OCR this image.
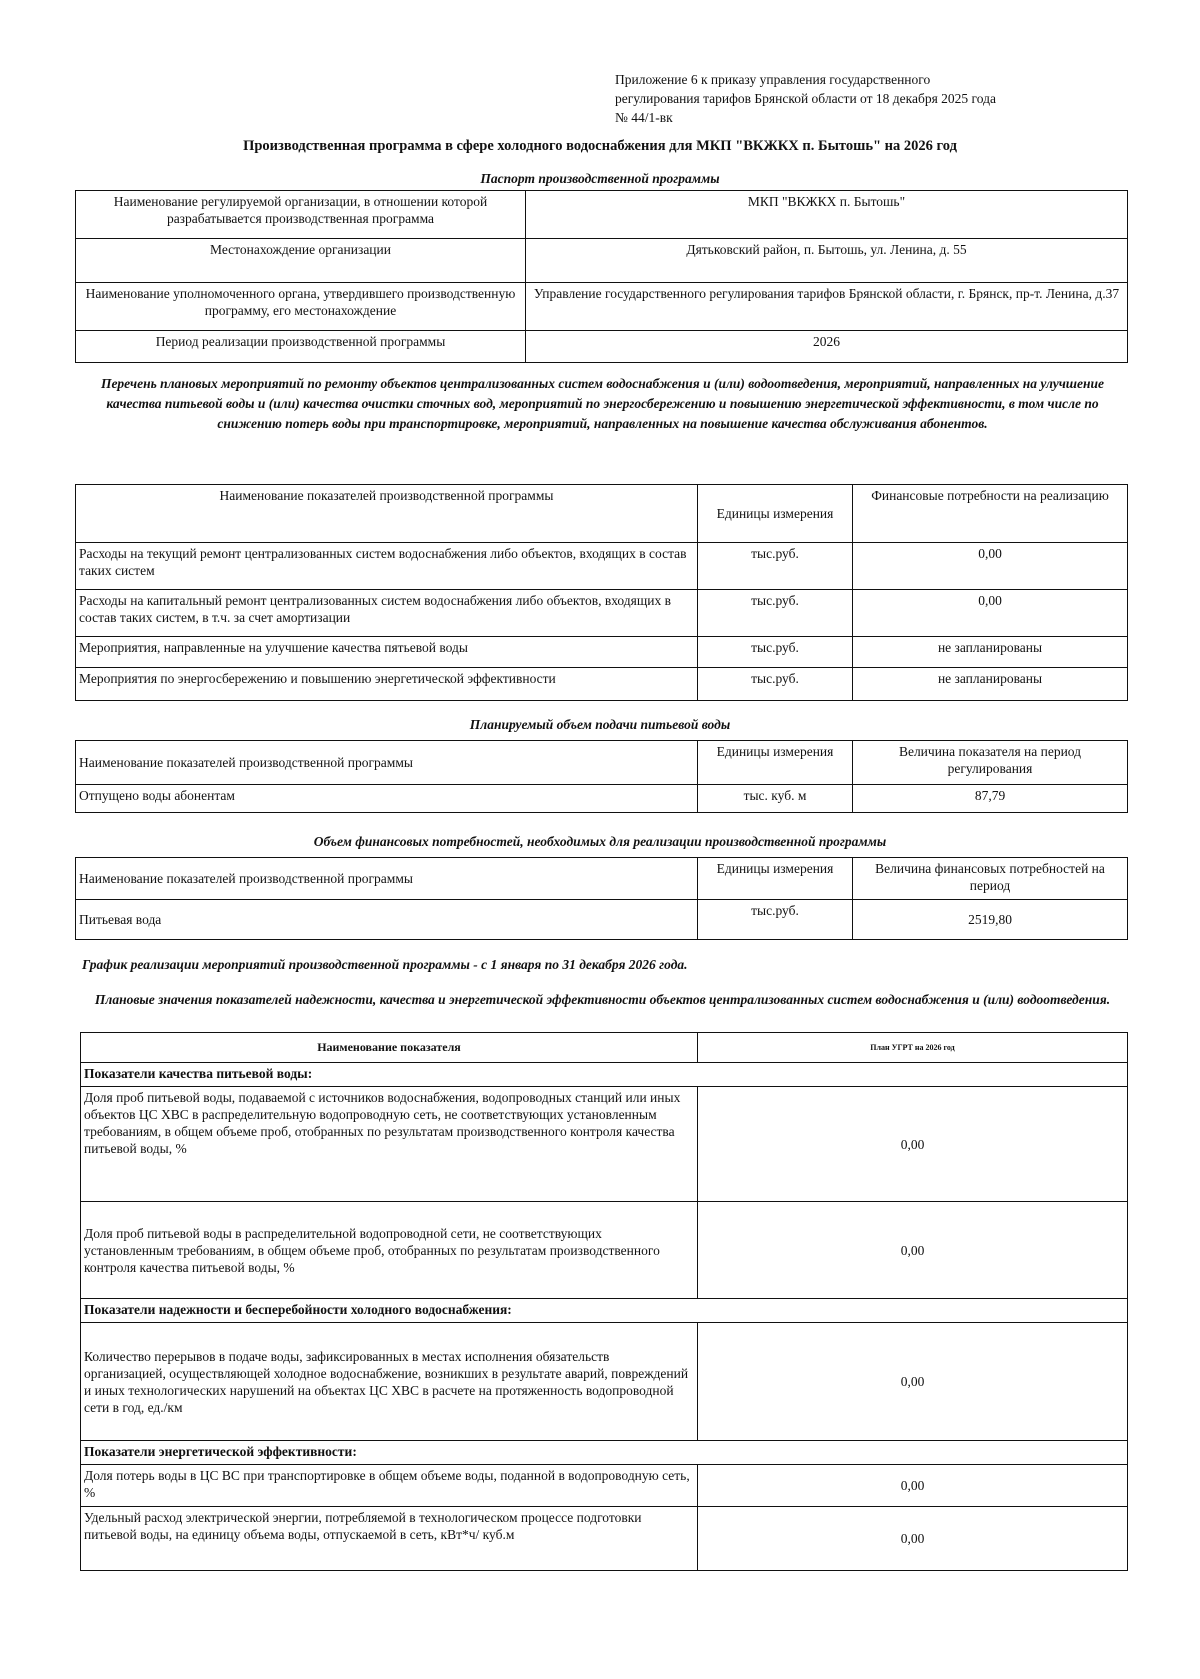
Приложение 6 к приказу управления государственного
регулирования тарифов Брянской области от 18 декабря 2025 года
№ 44/1-вк
Производственная программа в сфере холодного водоснабжения для МКП "ВКЖКХ п. Бытошь" на 2026 год
Паспорт производственной программы
Наименование регулируемой организации, в отношении которой разрабатывается производственная программа	МКП "ВКЖКХ п. Бытошь"
Местонахождение организации	Дятьковский район, п. Бытошь, ул. Ленина, д. 55
Наименование уполномоченного органа, утвердившего производственную программу, его местонахождение	Управление государственного регулирования тарифов Брянской области, г. Брянск, пр-т. Ленина, д.37
Период реализации производственной программы	2026
Перечень плановых мероприятий по ремонту объектов централизованных систем водоснабжения и (или) водоотведения, мероприятий, направленных на улучшение качества питьевой воды и (или) качества очистки сточных вод, мероприятий по энергосбережению и повышению энергетической эффективности, в том числе по снижению потерь воды при транспортировке, мероприятий, направленных на повышение качества обслуживания абонентов.
Наименование показателей производственной программы	Единицы измерения	Финансовые потребности на реализацию
Расходы на текущий ремонт централизованных систем водоснабжения либо объектов, входящих в состав таких систем	тыс.руб.	0,00
Расходы на капитальный ремонт централизованных систем водоснабжения либо объектов, входящих в состав таких систем, в т.ч. за счет амортизации	тыс.руб.	0,00
Мероприятия, направленные на улучшение качества пятьевой воды	тыс.руб.	не запланированы
Мероприятия по энергосбережению и повышению энергетической эффективности	тыс.руб.	не запланированы
Планируемый объем подачи питьевой воды
Наименование показателей производственной программы	Единицы измерения	Величина показателя на период регулирования
Отпущено воды абонентам	тыс. куб. м	87,79
Объем финансовых потребностей, необходимых для реализации производственной программы
Наименование показателей производственной программы	Единицы измерения	Величина финансовых потребностей на период
Питьевая вода	тыс.руб.	2519,80
График реализации мероприятий производственной программы - с 1 января по 31 декабря 2026 года.
Плановые значения показателей надежности, качества и энергетической эффективности объектов централизованных систем водоснабжения и (или) водоотведения.
Наименование показателя	План УГРТ на 2026 год
Показатели качества питьевой воды:	
Доля проб питьевой воды, подаваемой с источников водоснабжения, водопроводных станций или иных объектов ЦС ХВС в распределительную водопроводную сеть, не соответствующих установленным требованиям, в общем объеме проб, отобранных по результатам производственного контроля качества питьевой воды, %	0,00
Доля проб питьевой воды в распределительной водопроводной сети, не соответствующих установленным требованиям, в общем объеме проб, отобранных по результатам производственного контроля качества питьевой воды, %	0,00
Показатели надежности и бесперебойности холодного водоснабжения:	
Количество перерывов в подаче воды, зафиксированных в местах исполнения обязательств организацией, осуществляющей холодное водоснабжение, возникших в результате аварий, повреждений и иных технологических нарушений на объектах ЦС ХВС в расчете на протяженность водопроводной сети в год, ед./км	0,00
Показатели энергетической эффективности:	
Доля потерь воды в ЦС ВС при транспортировке в общем объеме воды, поданной в водопроводную сеть, %	0,00
Удельный расход электрической энергии, потребляемой в технологическом процессе подготовки питьевой воды, на единицу объема воды, отпускаемой в сеть, кВт*ч/ куб.м	0,00
